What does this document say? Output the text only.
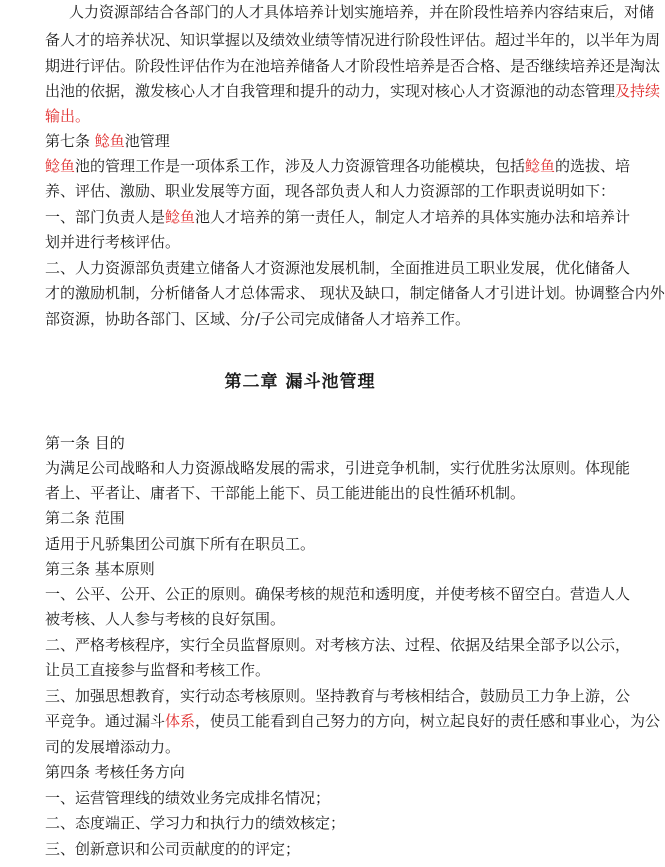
人力资源部结合各部门的人才具体培养计划实施培养，并在阶段性培养内容结束后，对储
备人才的培养状况、知识掌握以及绩效业绩等情况进行阶段性评估。超过半年的，以半年为周
期进行评估。阶段性评估作为在池培养储备人才阶段性培养是否合格、是否继续培养还是淘汰
出池的依据，激发核心人才自我管理和提升的动力，实现对核心人才资源池的动态管理及持续
输出。
第七条 鲶鱼池管理
鲶鱼池的管理工作是一项体系工作，涉及人力资源管理各功能模块，包括鲶鱼的选拔、培
养、评估、激励、职业发展等方面，现各部负责人和人力资源部的工作职责说明如下：
一、部门负责人是鲶鱼池人才培养的第一责任人，制定人才培养的具体实施办法和培养计
划并进行考核评估。
二、人力资源部负责建立储备人才资源池发展机制，全面推进员工职业发展，优化储备人
才的激励机制，分析储备人才总体需求、 现状及缺口，制定储备人才引进计划。协调整合内外
部资源，协助各部门、区域、分/子公司完成储备人才培养工作。
第二章 漏斗池管理
第一条 目的
为满足公司战略和人力资源战略发展的需求，引进竞争机制，实行优胜劣汰原则。体现能
者上、平者让、庸者下、干部能上能下、员工能进能出的良性循环机制。
第二条 范围
适用于凡骄集团公司旗下所有在职员工。
第三条 基本原则
一、公平、公开、公正的原则。确保考核的规范和透明度，并使考核不留空白。营造人人
被考核、人人参与考核的良好氛围。
二、严格考核程序，实行全员监督原则。对考核方法、过程、依据及结果全部予以公示，
让员工直接参与监督和考核工作。
三、加强思想教育，实行动态考核原则。坚持教育与考核相结合，鼓励员工力争上游，公
平竞争。通过漏斗体系，使员工能看到自己努力的方向，树立起良好的责任感和事业心，为公
司的发展增添动力。
第四条 考核任务方向
一、运营管理线的绩效业务完成排名情况；
二、态度端正、学习力和执行力的绩效核定；
三、创新意识和公司贡献度的的评定；
